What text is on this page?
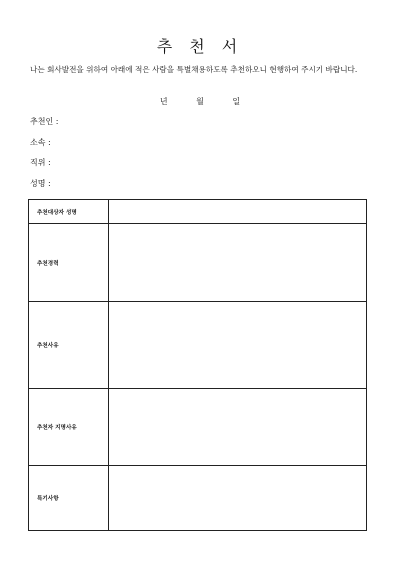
추 천 서
나는 회사발전을 위하여 아래에 적은 사람을 특별채용하도록 추천하오니 현행하여 주시기 바랍니다.
년	월	일
추천인 :
소속 :
직위 :
성명 :
추천대상자 성명	
추천경력	
추천사유	
추천자 지명사유	
특기사항	
